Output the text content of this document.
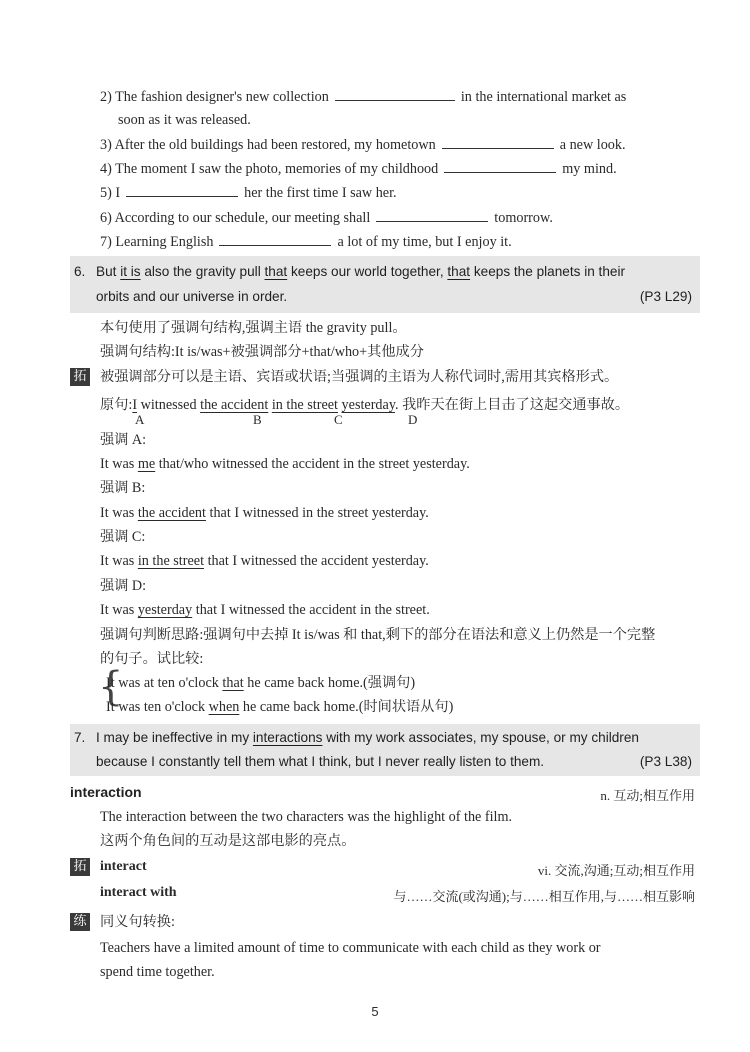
2) The fashion designer's new collection	in the international market as
soon as it was released.
3) After the old buildings had been restored, my hometown	a new look.
4) The moment I saw the photo, memories of my childhood	my mind.
5) I	her the first time I saw her.
6) According to our schedule, our meeting shall	tomorrow.
7) Learning English	a lot of my time, but I enjoy it.
6. But it is also the gravity pull that keeps our world together, that keeps the planets in their
orbits and our universe in order.	(P3 L29)
本句使用了强调句结构,强调主语 the gravity pull。
强调句结构:It is/was+被强调部分+that/who+其他成分
拓 被强调部分可以是主语、宾语或状语;当强调的主语为人称代词时,需用其宾格形式。
原句:I witnessed the accident in the street yesterday. 我昨天在街上目击了这起交通事故。
A	B	C	D
强调 A:
It was me that/who witnessed the accident in the street yesterday.
强调 B:
It was the accident that I witnessed in the street yesterday.
强调 C:
It was in the street that I witnessed the accident yesterday.
强调 D:
It was yesterday that I witnessed the accident in the street.
强调句判断思路:强调句中去掉 It is/was 和 that,剩下的部分在语法和意义上仍然是一个完整
的句子。试比较:
{
It was at ten o'clock that he came back home.(强调句)
It was ten o'clock when he came back home.(时间状语从句)
7. I may be ineffective in my interactions with my work associates, my spouse, or my children
because I constantly tell them what I think, but I never really listen to them.	(P3 L38)
interaction	n. 互动;相互作用
The interaction between the two characters was the highlight of the film.
这两个角色间的互动是这部电影的亮点。
拓 interact	vi. 交流,沟通;互动;相互作用
interact with	与……交流(或沟通);与……相互作用,与……相互影响
练 同义句转换:
Teachers have a limited amount of time to communicate with each child as they work or
spend time together.
5
